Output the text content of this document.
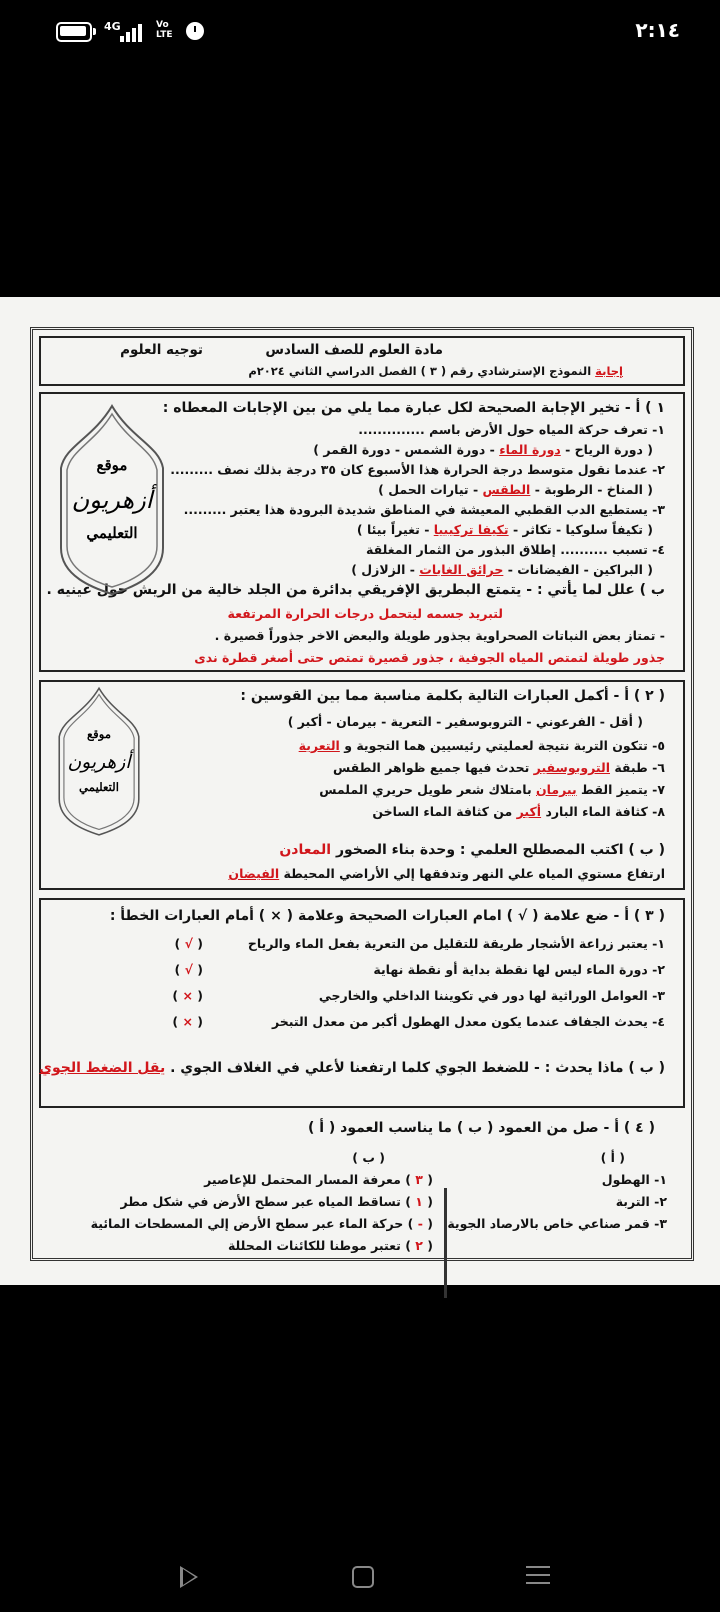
4G	Vo LTE	٢:١٤
مادة العلوم للصف السادس
توجيه العلوم
إجابة النموذج الإسترشادي رقم ( ٣ ) الفصل الدراسي الثاني ٢٠٢٤م
١ ) أ - تخير الإجابة الصحيحة لكل عبارة مما يلي من بين الإجابات المعطاه :
١- تعرف حركة المياه حول الأرض باسم ..............
( دورة الرياح - دورة الماء - دورة الشمس - دورة القمر )
٢- عندما نقول متوسط درجة الحرارة هذا الأسبوع كان ٣٥ درجة بذلك نصف .........
( المناخ - الرطوبة - الطقس - تيارات الحمل )
٣- يستطيع الدب القطبي المعيشة في المناطق شديدة البرودة هذا يعتبر .........
( تكيفاً سلوكيا - تكاثر - تكيفا تركيبيا - تغيراً بيئا )
٤- تسبب .......... إطلاق البذور من الثمار المغلقة
( البراكين - الفيضانات - حرائق الغابات - الزلازل )
ب ) علل لما يأتي : - يتمتع البطريق الإفريقي بدائرة من الجلد خالية من الريش حول عينيه .
لتبريد جسمه ليتحمل درجات الحرارة المرتفعة
- تمتاز بعض النباتات الصحراوية بجذور طويلة والبعض الاخر جذوراً قصيرة .
جذور طويلة لتمتص المياه الجوفية ، جذور قصيرة تمتص حتى أصغر قطرة ندى
موقع
أزهريون
التعليمي
( ٢ ) أ - أكمل العبارات التالية بكلمة مناسبة مما بين القوسين :
( أقل - الفرعوني - التروبوسفير - التعرية - بيرمان - أكبر )
٥- تتكون التربة نتيجة لعمليتي رئيسيين هما التجوية و التعرية
٦- طبقة التروبوسفير تحدث فيها جميع ظواهر الطقس
٧- يتميز القط بيرمان بامتلاك شعر طويل حريري الملمس
٨- كثافة الماء البارد أكبر من كثافة الماء الساخن
( ب ) اكتب المصطلح العلمي : وحدة بناء الصخور المعادن
ارتفاع مستوي المياه علي النهر وتدفقها إلي الأراضي المحيطة الفيضان
موقع
أزهريون
التعليمي
( ٣ ) أ - ضع علامة ( √ ) امام العبارات الصحيحة وعلامة ( × ) أمام العبارات الخطأ :
١- يعتبر زراعة الأشجار طريقة للتقليل من التعرية بفعل الماء والرياح
٢- دورة الماء ليس لها نقطة بداية أو نقطة نهاية
٣- العوامل الوراثية لها دور في تكويننا الداخلي والخارجي
٤- يحدث الجفاف عندما يكون معدل الهطول أكبر من معدل التبخر
( √ )
( √ )
( × )
( × )
( ب ) ماذا يحدث : - للضغط الجوي كلما ارتفعنا لأعلي في الغلاف الجوي . يقل الضغط الجوي
( ٤ ) أ - صل من العمود ( ب ) ما يناسب العمود ( أ )
( أ )
( ب )
١- الهطول
٢- التربة
٣- قمر صناعي خاص بالارصاد الجوية
( ٣ ) معرفة المسار المحتمل للإعاصير
( ١ ) تساقط المياه عبر سطح الأرض في شكل مطر
( - ) حركة الماء عبر سطح الأرض إلي المسطحات المائية
( ٢ ) تعتبر موطنا للكائنات المحللة
